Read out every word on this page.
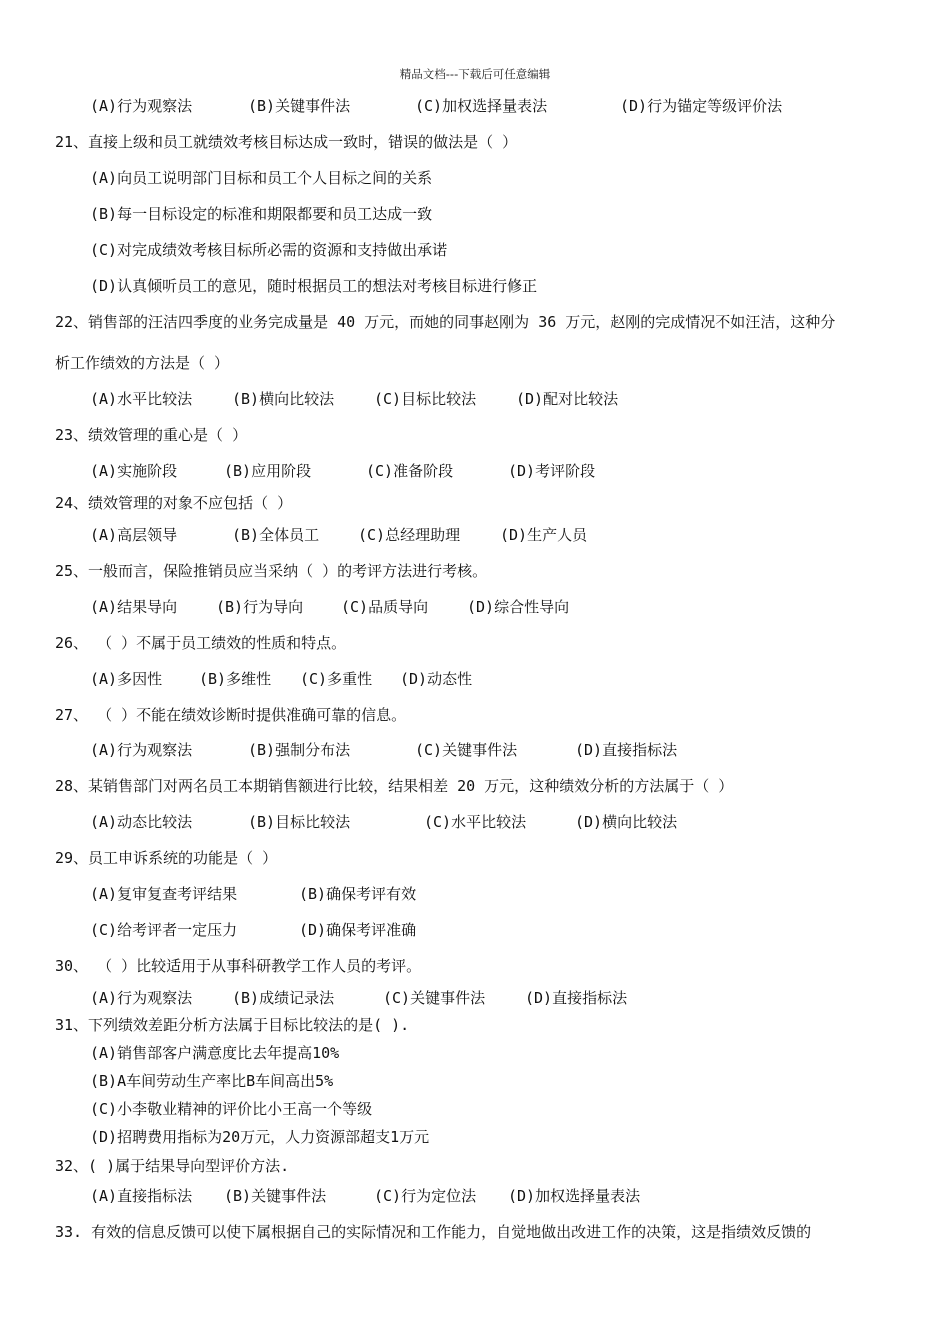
精品文档---下载后可任意编辑
(A)行为观察法	(B)关键事件法	(C)加权选择量表法	(D)行为锚定等级评价法
21、直接上级和员工就绩效考核目标达成一致时，错误的做法是（ ）
(A)向员工说明部门目标和员工个人目标之间的关系
(B)每一目标设定的标准和期限都要和员工达成一致
(C)对完成绩效考核目标所必需的资源和支持做出承诺
(D)认真倾听员工的意见，随时根据员工的想法对考核目标进行修正
22、销售部的汪洁四季度的业务完成量是 40 万元，而她的同事赵刚为 36 万元，赵刚的完成情况不如汪洁，这种分
析工作绩效的方法是（ ）
(A)水平比较法	(B)横向比较法	(C)目标比较法	(D)配对比较法
23、绩效管理的重心是（ ）
(A)实施阶段	(B)应用阶段	(C)准备阶段	(D)考评阶段
24、绩效管理的对象不应包括（ ）
(A)高层领导	(B)全体员工	(C)总经理助理	(D)生产人员
25、一般而言，保险推销员应当采纳（ ）的考评方法进行考核。
(A)结果导向	(B)行为导向	(C)品质导向	(D)综合性导向
26、 （ ）不属于员工绩效的性质和特点。
(A)多因性 (B)多维性 (C)多重性 (D)动态性
27、 （ ）不能在绩效诊断时提供准确可靠的信息。
(A)行为观察法	(B)强制分布法	(C)关键事件法	(D)直接指标法
28、某销售部门对两名员工本期销售额进行比较，结果相差 20 万元，这种绩效分析的方法属于（ ）
(A)动态比较法	(B)目标比较法	(C)水平比较法	(D)横向比较法
29、员工申诉系统的功能是（ ）
(A)复审复查考评结果	(B)确保考评有效
(C)给考评者一定压力	(D)确保考评准确
30、 （ ）比较适用于从事科研教学工作人员的考评。
(A)行为观察法	(B)成绩记录法	(C)关键事件法	(D)直接指标法
31、下列绩效差距分析方法属于目标比较法的是( ).
(A)销售部客户满意度比去年提高10%
(B)A车间劳动生产率比B车间高出5%
(C)小李敬业精神的评价比小王高一个等级
(D)招聘费用指标为20万元，人力资源部超支1万元
32、( )属于结果导向型评价方法.
(A)直接指标法 (B)关键事件法	(C)行为定位法 (D)加权选择量表法
33. 有效的信息反馈可以使下属根据自己的实际情况和工作能力，自觉地做出改进工作的决策，这是指绩效反馈的
